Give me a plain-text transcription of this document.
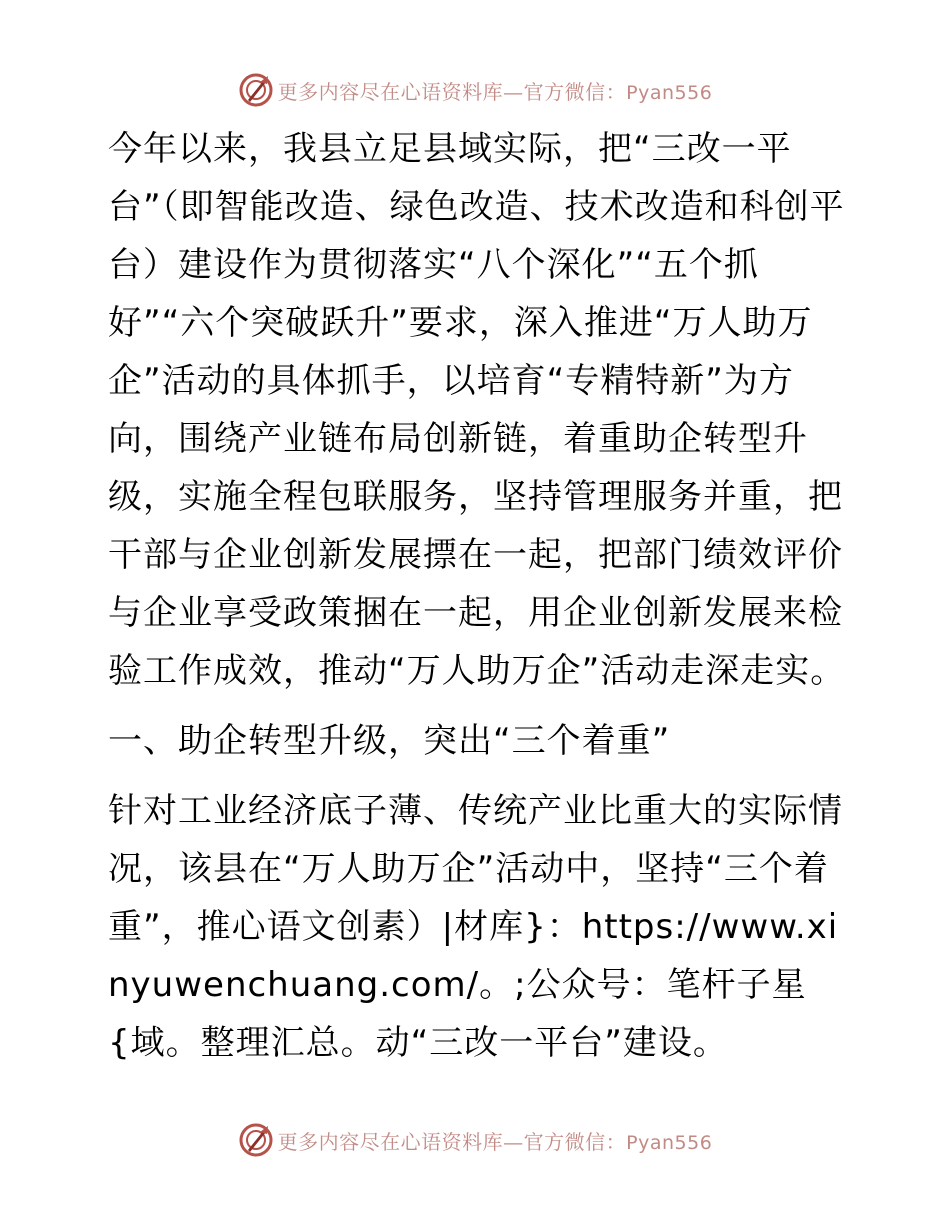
更多内容尽在心语资料库—官方微信：Pyan556

今年以来，我县立足县域实际，把“三改一平台”（即智能改造、绿色改造、技术改造和科创平台）建设作为贯彻落实“八个深化”“五个抓好”“六个突破跃升”要求，深入推进“万人助万企”活动的具体抓手，以培育“专精特新”为方向，围绕产业链布局创新链，着重助企转型升级，实施全程包联服务，坚持管理服务并重，把干部与企业创新发展摽在一起，把部门绩效评价与企业享受政策捆在一起，用企业创新发展来检验工作成效，推动“万人助万企”活动走深走实。

一、助企转型升级，突出“三个着重”

针对工业经济底子薄、传统产业比重大的实际情况，该县在“万人助万企”活动中，坚持“三个着重”，推心语文创素）|材库}：https://www.xinyuwenchuang.com/。;公众号：笔杆子星{域。整理汇总。动“三改一平台”建设。

更多内容尽在心语资料库—官方微信：Pyan556
